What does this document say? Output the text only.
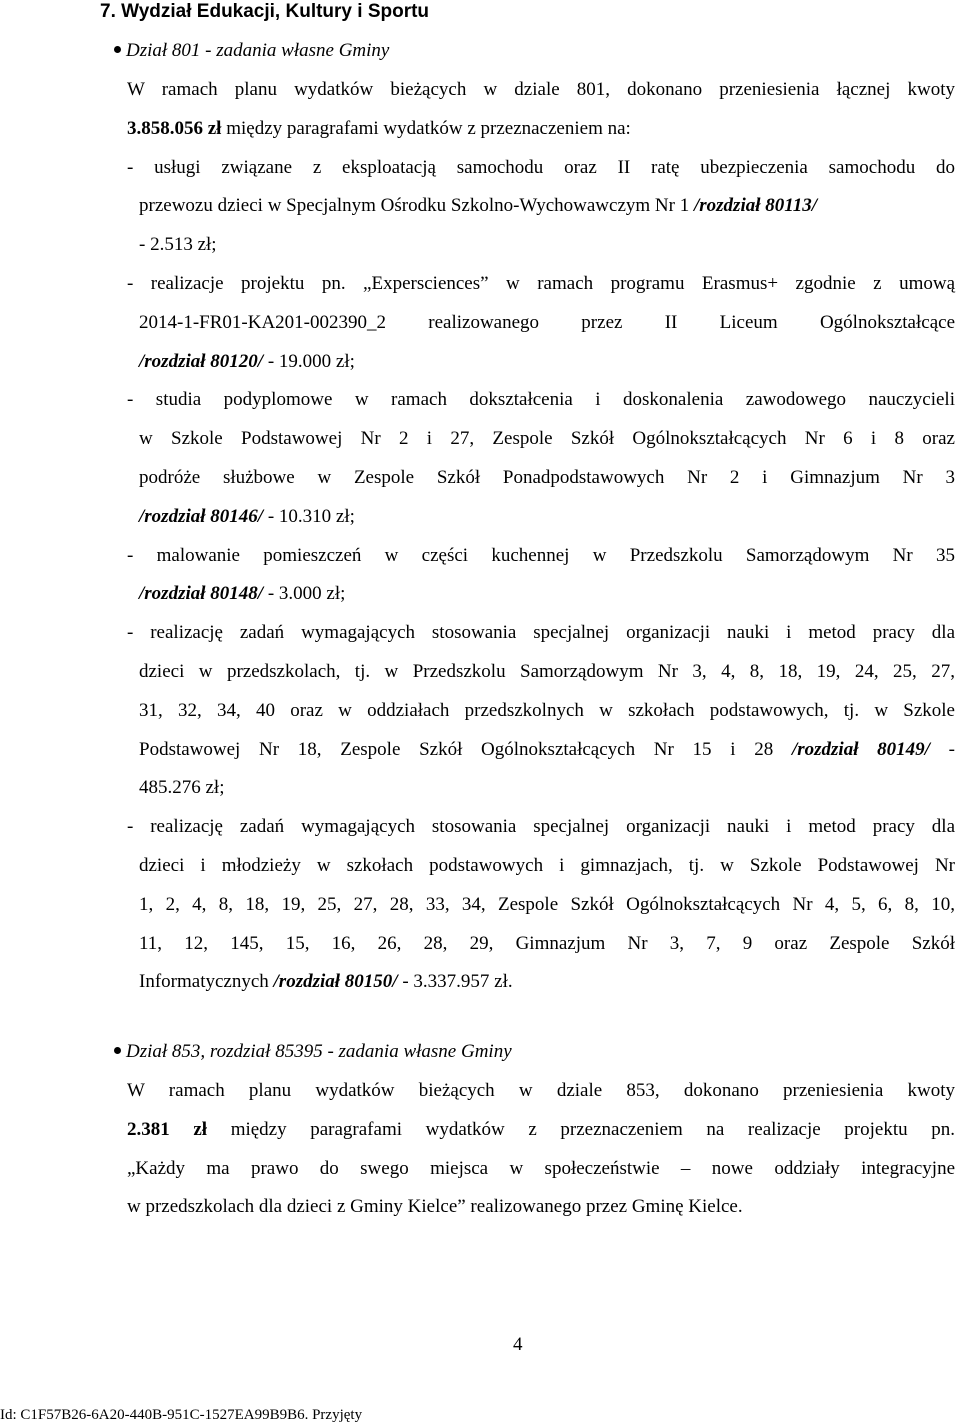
7. Wydział Edukacji, Kultury i Sportu
Dział 801 - zadania własne Gminy
W ramach planu wydatków bieżących w dziale 801, dokonano przeniesienia łącznej kwoty
3.858.056 zł między paragrafami wydatków z przeznaczeniem na:
- usługi związane z eksploatacją samochodu oraz II ratę ubezpieczenia samochodu do
przewozu dzieci w Specjalnym Ośrodku Szkolno-Wychowawczym Nr 1 /rozdział 80113/
- 2.513 zł;
- realizacje projektu pn. „Expersciences” w ramach programu Erasmus+ zgodnie z umową
2014-1-FR01-KA201-002390_2 realizowanego przez II Liceum Ogólnokształcące
/rozdział 80120/ - 19.000 zł;
- studia podyplomowe w ramach dokształcenia i doskonalenia zawodowego nauczycieli
w Szkole Podstawowej Nr 2 i 27, Zespole Szkół Ogólnokształcących Nr 6 i 8 oraz
podróże służbowe w Zespole Szkół Ponadpodstawowych Nr 2 i Gimnazjum Nr 3
/rozdział 80146/ - 10.310 zł;
- malowanie pomieszczeń w części kuchennej w Przedszkolu Samorządowym Nr 35
/rozdział 80148/ - 3.000 zł;
- realizację zadań wymagających stosowania specjalnej organizacji nauki i metod pracy dla
dzieci w przedszkolach, tj. w Przedszkolu Samorządowym Nr 3, 4, 8, 18, 19, 24, 25, 27,
31, 32, 34, 40 oraz w oddziałach przedszkolnych w szkołach podstawowych, tj. w Szkole
Podstawowej Nr 18, Zespole Szkół Ogólnokształcących Nr 15 i 28 /rozdział 80149/ -
485.276 zł;
- realizację zadań wymagających stosowania specjalnej organizacji nauki i metod pracy dla
dzieci i młodzieży w szkołach podstawowych i gimnazjach, tj. w Szkole Podstawowej Nr
1, 2, 4, 8, 18, 19, 25, 27, 28, 33, 34, Zespole Szkół Ogólnokształcących Nr 4, 5, 6, 8, 10,
11, 12, 145, 15, 16, 26, 28, 29, Gimnazjum Nr 3, 7, 9 oraz Zespole Szkół
Informatycznych /rozdział 80150/ - 3.337.957 zł.
Dział 853, rozdział 85395 - zadania własne Gminy
W ramach planu wydatków bieżących w dziale 853, dokonano przeniesienia kwoty
2.381 zł między paragrafami wydatków z przeznaczeniem na realizacje projektu pn.
„Każdy ma prawo do swego miejsca w społeczeństwie – nowe oddziały integracyjne
w przedszkolach dla dzieci z Gminy Kielce” realizowanego przez Gminę Kielce.
4
Id: C1F57B26-6A20-440B-951C-1527EA99B9B6. Przyjęty
